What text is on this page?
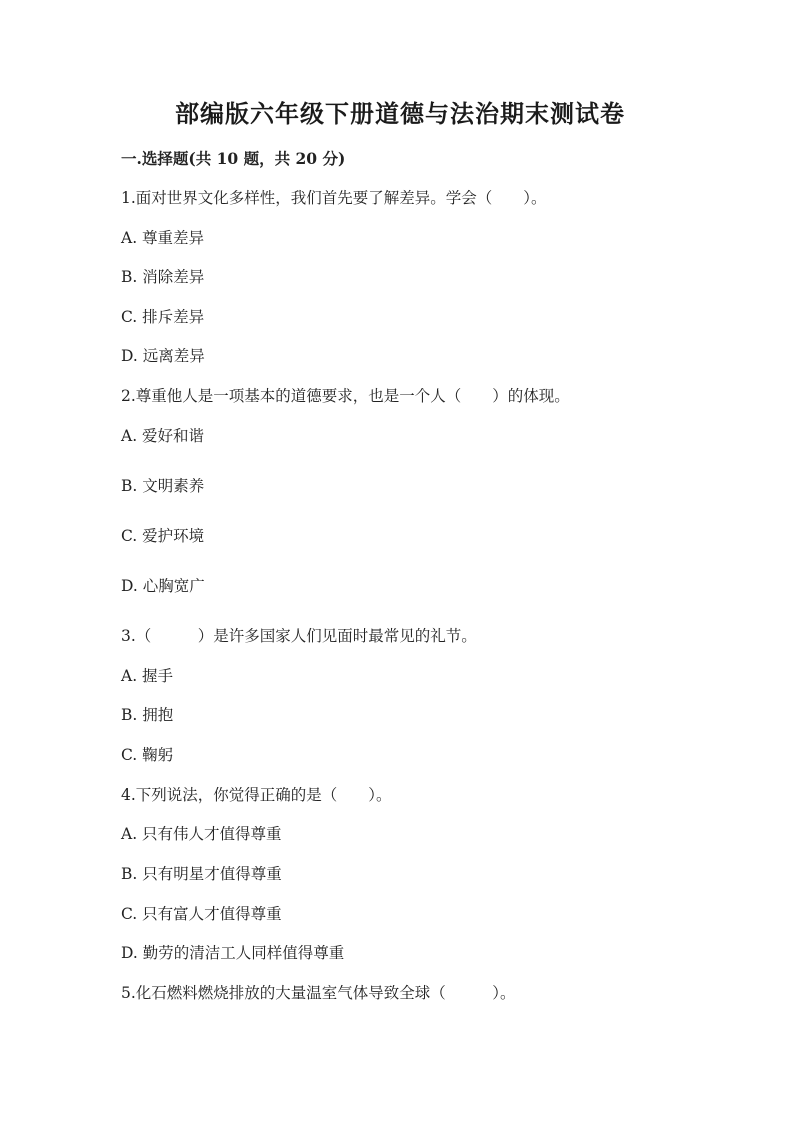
部编版六年级下册道德与法治期末测试卷
一.选择题(共 10 题，共 20 分)
1.面对世界文化多样性，我们首先要了解差异。学会（　　）。
A. 尊重差异
B. 消除差异
C. 排斥差异
D. 远离差异
2.尊重他人是一项基本的道德要求，也是一个人（　　）的体现。
A. 爱好和谐
B. 文明素养
C. 爱护环境
D. 心胸宽广
3.（　　　）是许多国家人们见面时最常见的礼节。
A. 握手
B. 拥抱
C. 鞠躬
4.下列说法，你觉得正确的是（　　）。
A. 只有伟人才值得尊重
B. 只有明星才值得尊重
C. 只有富人才值得尊重
D. 勤劳的清洁工人同样值得尊重
5.化石燃料燃烧排放的大量温室气体导致全球（　　　）。
